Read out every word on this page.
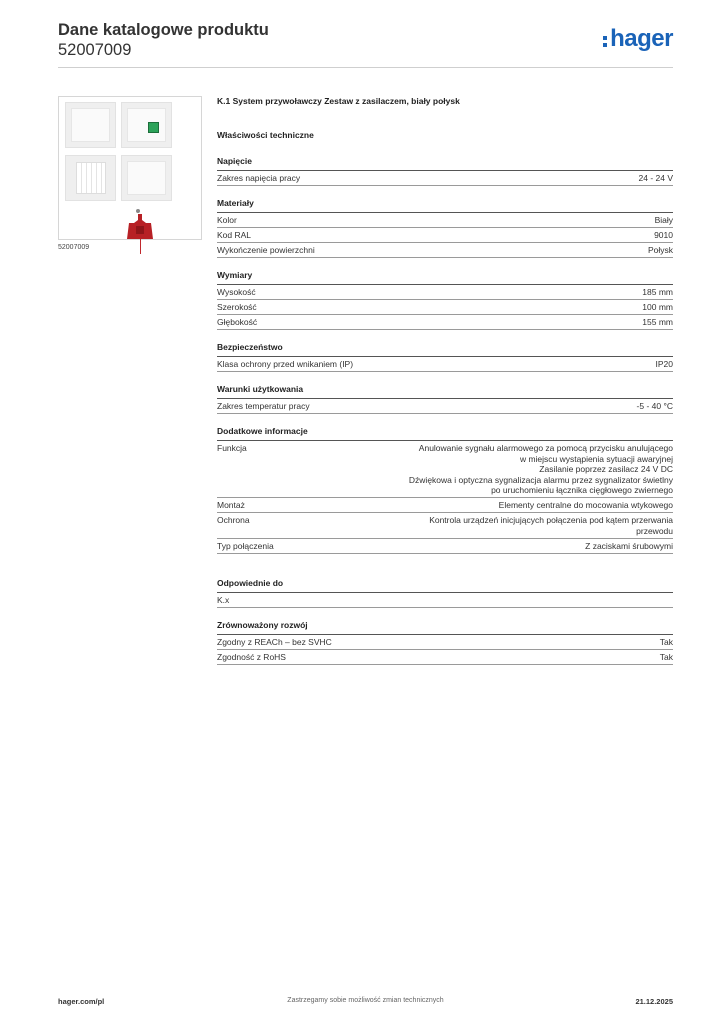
Dane katalogowe produktu
52007009	hager
52007009
K.1 System przywoławczy Zestaw z zasilaczem, biały połysk
Właściwości techniczne
Napięcie
Zakres napięcia pracy	24 - 24 V
Materiały
Kolor	Biały
Kod RAL	9010
Wykończenie powierzchni	Połysk
Wymiary
Wysokość	185 mm
Szerokość	100 mm
Głębokość	155 mm
Bezpieczeństwo
Klasa ochrony przed wnikaniem (IP)	IP20
Warunki użytkowania
Zakres temperatur pracy	-5 - 40 °C
Dodatkowe informacje
Funkcja	Anulowanie sygnału alarmowego za pomocą przycisku anulującego
w miejscu wystąpienia sytuacji awaryjnej
Zasilanie poprzez zasilacz 24 V DC
Dźwiękowa i optyczna sygnalizacja alarmu przez sygnalizator świetlny
po uruchomieniu łącznika cięgłowego zwiernego
Montaż	Elementy centralne do mocowania wtykowego
Ochrona	Kontrola urządzeń inicjujących połączenia pod kątem przerwania
przewodu
Typ połączenia	Z zaciskami śrubowymi
Odpowiednie do
K.x
Zrównoważony rozwój
Zgodny z REACh – bez SVHC	Tak
Zgodność z RoHS	Tak
hager.com/pl	Zastrzegamy sobie możliwość zmian technicznych	21.12.2025
